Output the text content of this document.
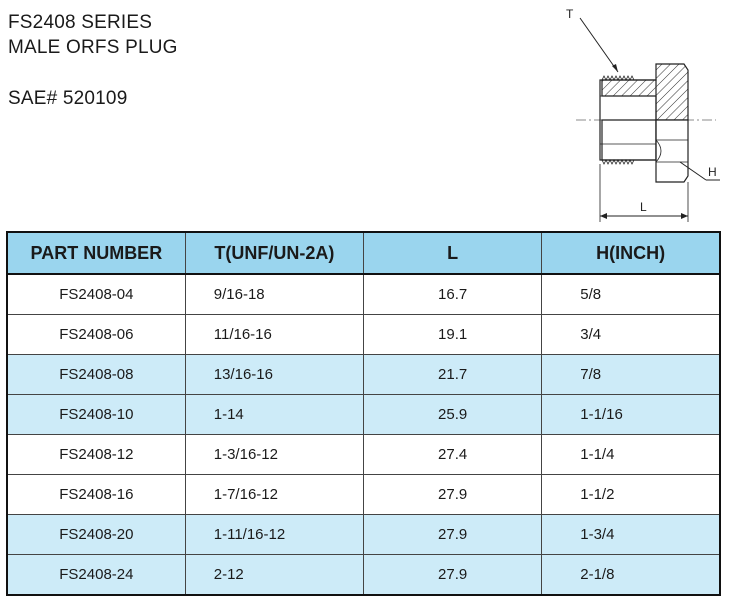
FS2408 SERIES
MALE ORFS PLUG
SAE# 520109
T
H
L
PART NUMBER	T(UNF/UN-2A)	L	H(INCH)
FS2408-04	9/16-18	16.7	5/8
FS2408-06	11/16-16	19.1	3/4
FS2408-08	13/16-16	21.7	7/8
FS2408-10	1-14	25.9	1-1/16
FS2408-12	1-3/16-12	27.4	1-1/4
FS2408-16	1-7/16-12	27.9	1-1/2
FS2408-20	1-11/16-12	27.9	1-3/4
FS2408-24	2-12	27.9	2-1/8
